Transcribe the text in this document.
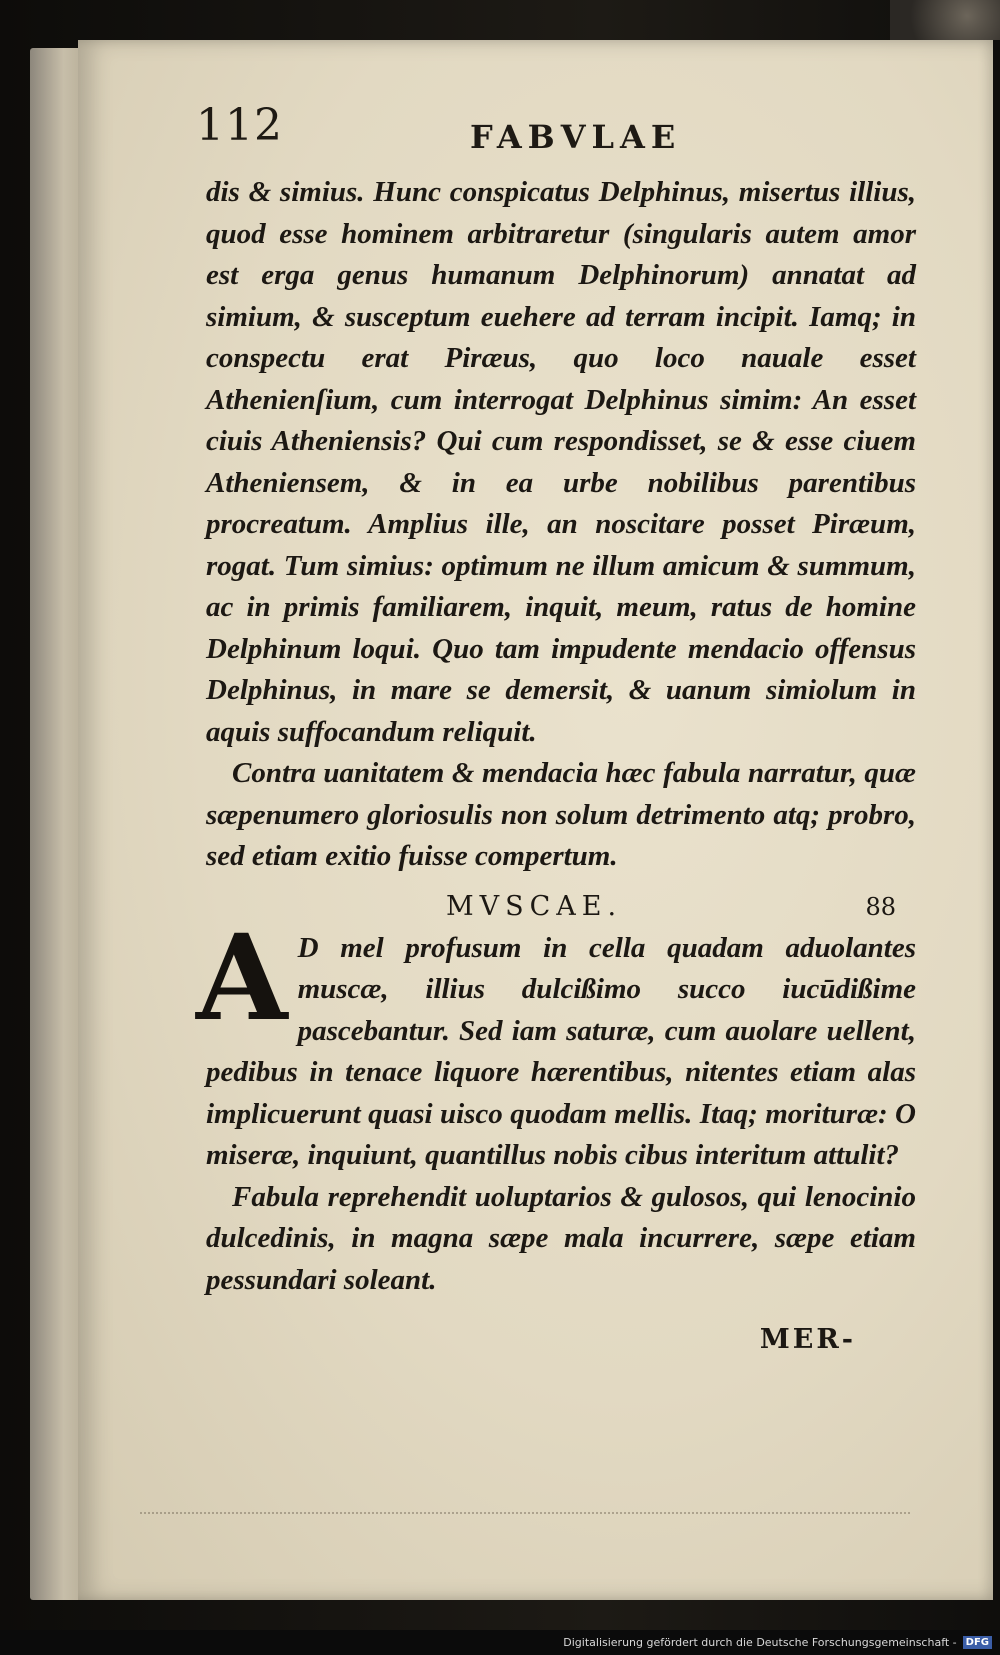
112	FABVLAE

dis & simius. Hunc conspicatus Delphinus, misertus illius, quod esse hominem arbitraretur (singularis autem amor est erga genus humanum Delphinorum) annatat ad simium, & susceptum euehere ad terram incipit. Iamq; in conspectu erat Piræus, quo loco nauale esset Athenienſium, cum interrogat Delphinus simim: An esset ciuis Atheniensis? Qui cum respondisset, se & esse ciuem Atheniensem, & in ea urbe nobilibus parentibus procreatum. Amplius ille, an noscitare posset Piræum, rogat. Tum simius: optimum ne illum amicum & summum, ac in primis familiarem, inquit, meum, ratus de homine Delphinum loqui. Quo tam impudente mendacio offensus Delphinus, in mare se demersit, & uanum simiolum in aquis suffocandum reliquit.

Contra uanitatem & mendacia hæc fabula narratur, quæ sæpenumero gloriosulis non solum detrimento atq; probro, sed etiam exitio fuisse compertum.

MVSCAE.	88

A D mel profusum in cella quadam aduolantes muscæ, illius dulcißimo succo iucūdißime pascebantur. Sed iam saturæ, cum auolare uellent, pedibus in tenace liquore hærentibus, nitentes etiam alas implicuerunt quasi uisco quodam mellis. Itaq; morituræ: O miseræ, inquiunt, quantillus nobis cibus interitum attulit?

Fabula reprehendit uoluptarios & gulosos, qui lenocinio dulcedinis, in magna sæpe mala incurrere, sæpe etiam pessundari soleant.

MER-
Digitalisierung gefördert durch die Deutsche Forschungsgemeinschaft - DFG
